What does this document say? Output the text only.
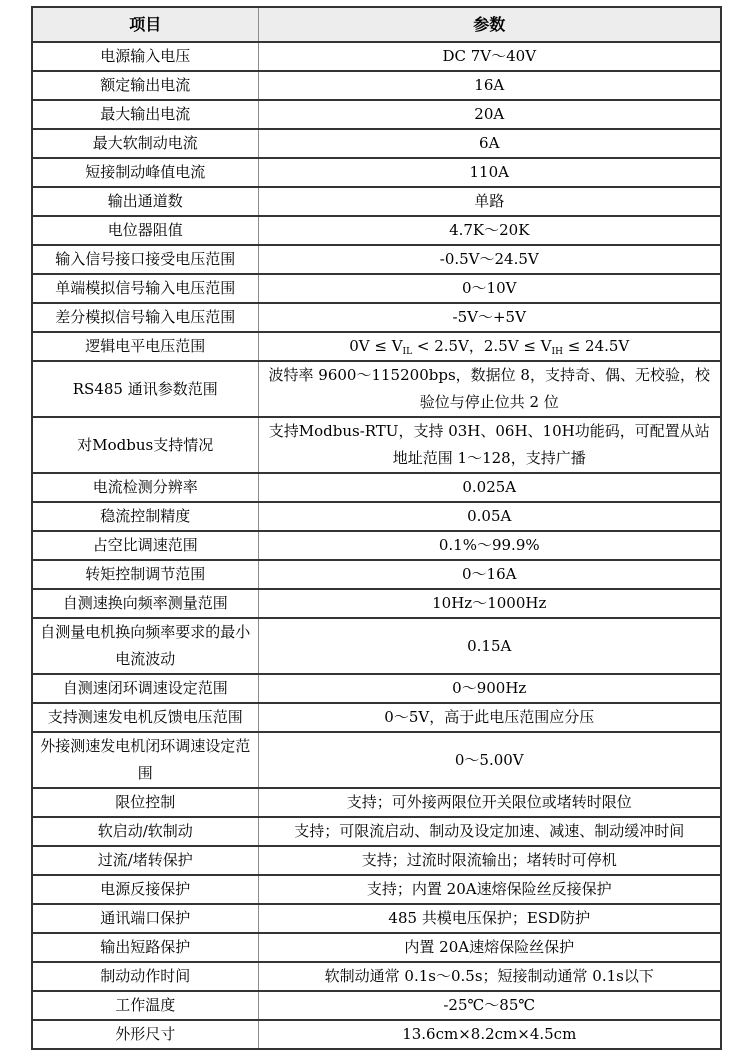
项目	参数
电源输入电压	DC 7V～40V
额定输出电流	16A
最大输出电流	20A
最大软制动电流	6A
短接制动峰值电流	110A
输出通道数	单路
电位器阻值	4.7K～20K
输入信号接口接受电压范围	-0.5V～24.5V
单端模拟信号输入电压范围	0～10V
差分模拟信号输入电压范围	-5V～+5V
逻辑电平电压范围	$0V \le V_{IL} < 2.5V$，$2.5V \le V_{IH} \le 24.5V$
RS485 通讯参数范围	波特率 9600～115200bps，数据位 8，支持奇、偶、无校验，校验位与停止位共 2 位
对Modbus支持情况	支持Modbus-RTU，支持 03H、06H、10H功能码，可配置从站地址范围 1～128，支持广播
电流检测分辨率	0.025A
稳流控制精度	0.05A
占空比调速范围	0.1%～99.9%
转矩控制调节范围	0～16A
自测速换向频率测量范围	10Hz～1000Hz
自测量电机换向频率要求的最小电流波动	0.15A
自测速闭环调速设定范围	0～900Hz
支持测速发电机反馈电压范围	0～5V，高于此电压范围应分压
外接测速发电机闭环调速设定范围	0～5.00V
限位控制	支持；可外接两限位开关限位或堵转时限位
软启动/软制动	支持；可限流启动、制动及设定加速、减速、制动缓冲时间
过流/堵转保护	支持；过流时限流输出；堵转时可停机
电源反接保护	支持；内置 20A速熔保险丝反接保护
通讯端口保护	485 共模电压保护；ESD防护
输出短路保护	内置 20A速熔保险丝保护
制动动作时间	软制动通常 0.1s～0.5s；短接制动通常 0.1s以下
工作温度	-25℃～85℃
外形尺寸	13.6cm×8.2cm×4.5cm
